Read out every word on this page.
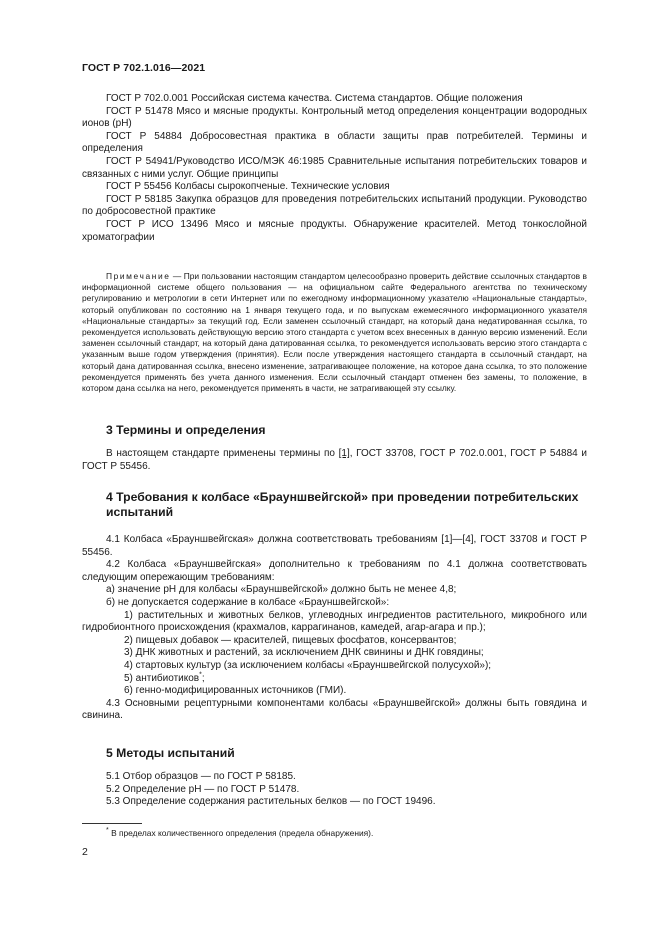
ГОСТ Р 702.1.016—2021

ГОСТ Р 702.0.001 Российская система качества. Система стандартов. Общие положения

ГОСТ Р 51478 Мясо и мясные продукты. Контрольный метод определения концентрации водородных ионов (рН)

ГОСТ Р 54884 Добросовестная практика в области защиты прав потребителей. Термины и определения

ГОСТ Р 54941/Руководство ИСО/МЭК 46:1985 Сравнительные испытания потребительских товаров и связанных с ними услуг. Общие принципы

ГОСТ Р 55456 Колбасы сырокопченые. Технические условия

ГОСТ Р 58185 Закупка образцов для проведения потребительских испытаний продукции. Руководство по добросовестной практике

ГОСТ Р ИСО 13496 Мясо и мясные продукты. Обнаружение красителей. Метод тонкослойной хроматографии

Примечание — При пользовании настоящим стандартом целесообразно проверить действие ссылочных стандартов в информационной системе общего пользования — на официальном сайте Федерального агентства по техническому регулированию и метрологии в сети Интернет или по ежегодному информационному указателю «Национальные стандарты», который опубликован по состоянию на 1 января текущего года, и по выпускам ежемесячного информационного указателя «Национальные стандарты» за текущий год. Если заменен ссылочный стандарт, на который дана недатированная ссылка, то рекомендуется использовать действующую версию этого стандарта с учетом всех внесенных в данную версию изменений. Если заменен ссылочный стандарт, на который дана датированная ссылка, то рекомендуется использовать версию этого стандарта с указанным выше годом утверждения (принятия). Если после утверждения настоящего стандарта в ссылочный стандарт, на который дана датированная ссылка, внесено изменение, затрагивающее положение, на которое дана ссылка, то это положение рекомендуется применять без учета данного изменения. Если ссылочный стандарт отменен без замены, то положение, в котором дана ссылка на него, рекомендуется применять в части, не затрагивающей эту ссылку.

3 Термины и определения

В настоящем стандарте применены термины по [1], ГОСТ 33708, ГОСТ Р 702.0.001, ГОСТ Р 54884 и ГОСТ Р 55456.

4 Требования к колбасе «Брауншвейгской» при проведении потребительских испытаний

4.1 Колбаса «Брауншвейгская» должна соответствовать требованиям [1]—[4], ГОСТ 33708 и ГОСТ Р 55456.

4.2 Колбаса «Брауншвейгская» дополнительно к требованиям по 4.1 должна соответствовать следующим опережающим требованиям:

а) значение рН для колбасы «Брауншвейгской» должно быть не менее 4,8;

б) не допускается содержание в колбасе «Брауншвейгской»:

1) растительных и животных белков, углеводных ингредиентов растительного, микробного или гидробионтного происхождения (крахмалов, каррагинанов, камедей, агар-агара и пр.);

2) пищевых добавок — красителей, пищевых фосфатов, консервантов;

3) ДНК животных и растений, за исключением ДНК свинины и ДНК говядины;

4) стартовых культур (за исключением колбасы «Брауншвейгской полусухой»);

5) антибиотиков*;

6) генно-модифицированных источников (ГМИ).

4.3 Основными рецептурными компонентами колбасы «Брауншвейгской» должны быть говядина и свинина.

5 Методы испытаний

5.1 Отбор образцов — по ГОСТ Р 58185.

5.2 Определение рН — по ГОСТ Р 51478.

5.3 Определение содержания растительных белков — по ГОСТ 19496.

* В пределах количественного определения (предела обнаружения).
2
